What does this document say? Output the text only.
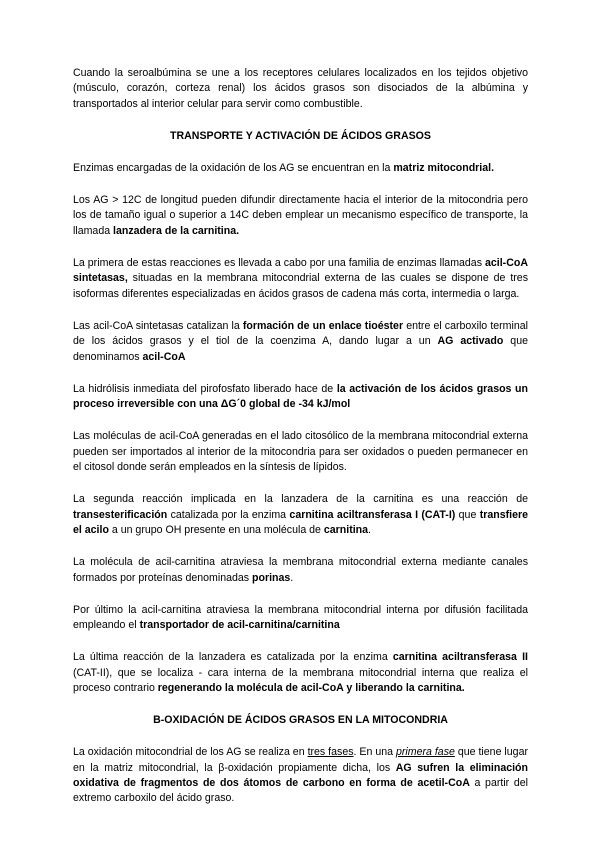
Cuando la seroalbúmina se une a los receptores celulares localizados en los tejidos objetivo (músculo, corazón, corteza renal) los ácidos grasos son disociados de la albúmina y transportados al interior celular para servir como combustible.

TRANSPORTE Y ACTIVACIÓN DE ÁCIDOS GRASOS

Enzimas encargadas de la oxidación de los AG se encuentran en la matriz mitocondrial.

Los AG > 12C de longitud pueden difundir directamente hacia el interior de la mitocondria pero los de tamaño igual o superior a 14C deben emplear un mecanismo específico de transporte, la llamada lanzadera de la carnitina.

La primera de estas reacciones es llevada a cabo por una familia de enzimas llamadas acil-CoA sintetasas, situadas en la membrana mitocondrial externa de las cuales se dispone de tres isoformas diferentes especializadas en ácidos grasos de cadena más corta, intermedia o larga.

Las acil-CoA sintetasas catalizan la formación de un enlace tioéster entre el carboxilo terminal de los ácidos grasos y el tiol de la coenzima A, dando lugar a un AG activado que denominamos acil-CoA

La hidrólisis inmediata del pirofosfato liberado hace de la activación de los ácidos grasos un proceso irreversible con una ΔG´0 global de -34 kJ/mol

Las moléculas de acil-CoA generadas en el lado citosólico de la membrana mitocondrial externa pueden ser importados al interior de la mitocondria para ser oxidados o pueden permanecer en el citosol donde serán empleados en la síntesis de lípidos.

La segunda reacción implicada en la lanzadera de la carnitina es una reacción de transesterificación catalizada por la enzima carnitina aciltransferasa I (CAT-I) que transfiere el acilo a un grupo OH presente en una molécula de carnitina.

La molécula de acil-carnitina atraviesa la membrana mitocondrial externa mediante canales formados por proteínas denominadas porinas.

Por último la acil-carnitina atraviesa la membrana mitocondrial interna por difusión facilitada empleando el transportador de acil-carnitina/carnitina

La última reacción de la lanzadera es catalizada por la enzima carnitina aciltransferasa II (CAT-II), que se localiza - cara interna de la membrana mitocondrial interna que realiza el proceso contrario regenerando la molécula de acil-CoA y liberando la carnitina.

Β-OXIDACIÓN DE ÁCIDOS GRASOS EN LA MITOCONDRIA

La oxidación mitocondrial de los AG se realiza en tres fases. En una primera fase que tiene lugar en la matriz mitocondrial, la β-oxidación propiamente dicha, los AG sufren la eliminación oxidativa de fragmentos de dos átomos de carbono en forma de acetil-CoA a partir del extremo carboxilo del ácido graso.
